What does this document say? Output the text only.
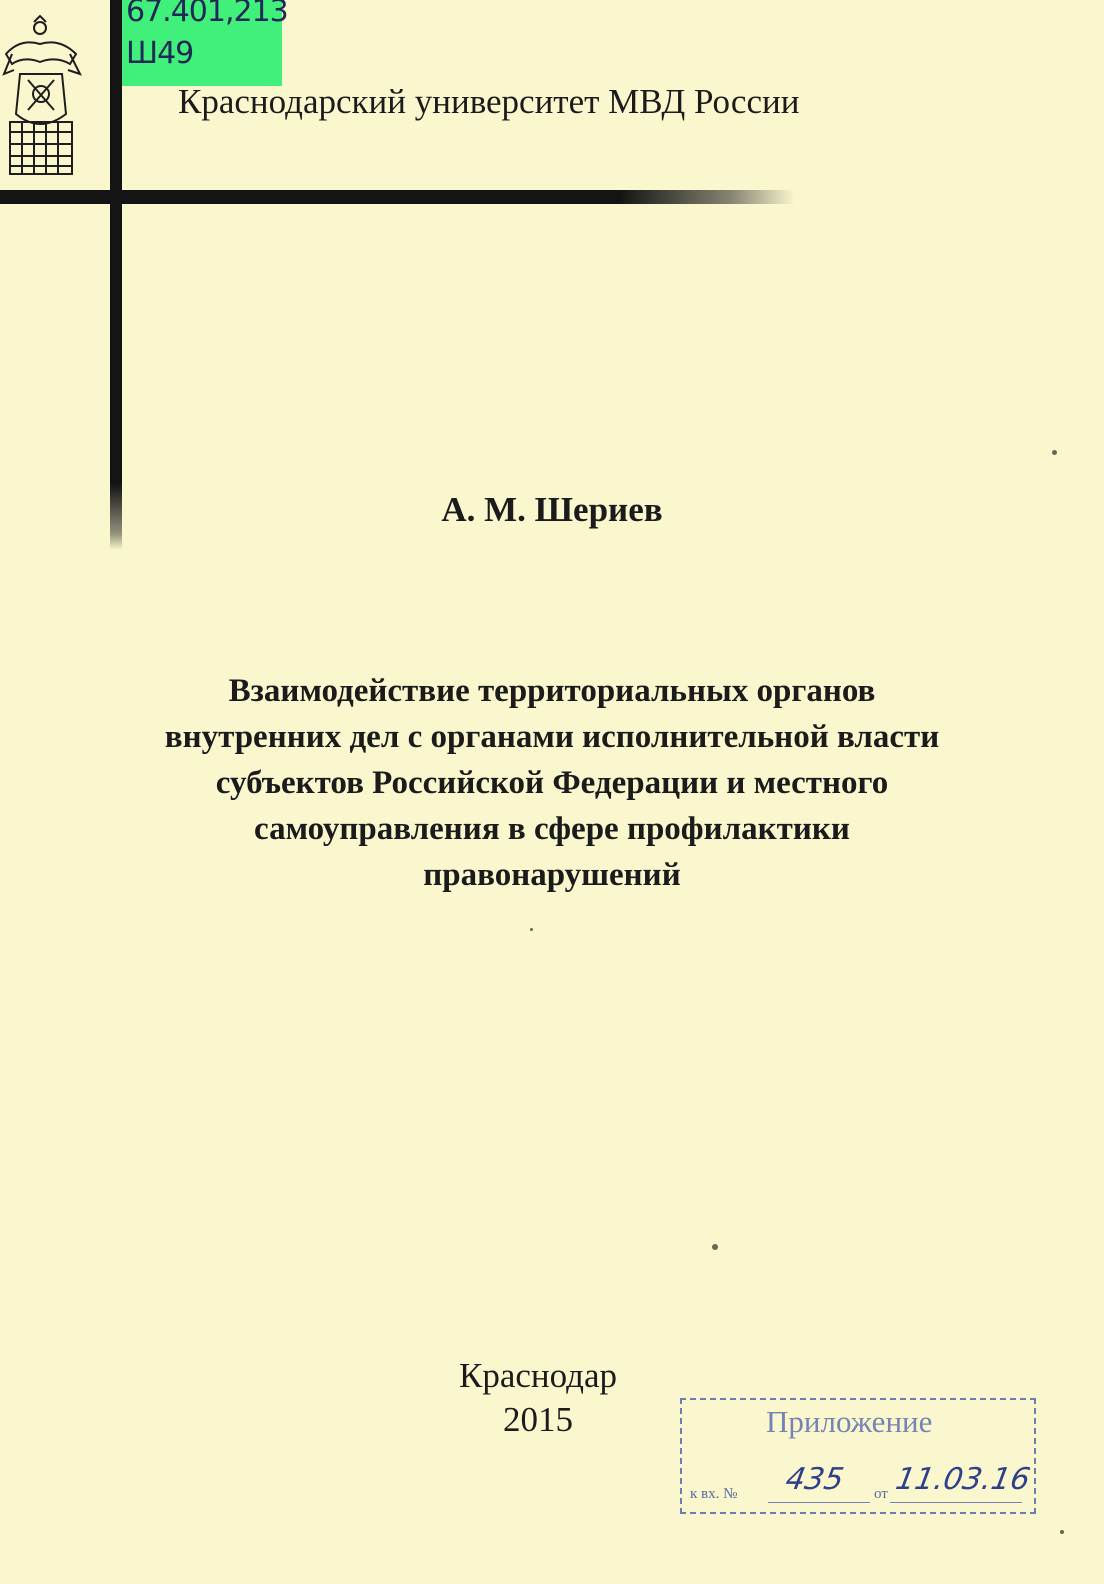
67.401,213
Ш49
Краснодарский университет МВД России
А. М. Шериев
Взаимодействие территориальных органов
внутренних дел с органами исполнительной власти
субъектов Российской Федерации и местного
самоуправления в сфере профилактики
правонарушений
Краснодар
2015	Приложение
к вх. № 435 от 11.03.16
